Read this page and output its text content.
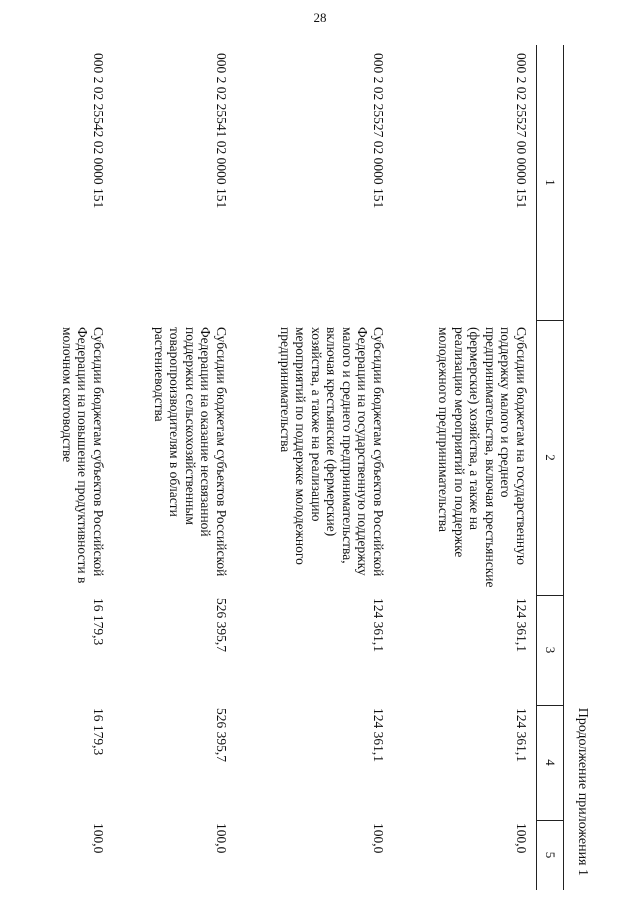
28
Продолжение приложения 1
1
2
3
4
5
000 2 02 25527 00 0000 151
Субсидии бюджетам на государственную поддержку малого и среднего предпринимательства, включая крестьянские (фермерские) хозяйства, а также на реализацию мероприятий по поддержке молодежного предпринимательства
124 361,1
124 361,1
100,0
000 2 02 25527 02 0000 151
Субсидии бюджетам субъектов Российской Федерации на государственную поддержку малого и среднего предпринимательства, включая крестьянские (фермерские) хозяйства, а также на реализацию мероприятий по поддержке молодежного предпринимательства
124 361,1
124 361,1
100,0
000 2 02 25541 02 0000 151
Субсидии бюджетам субъектов Российской Федерации на оказание несвязанной поддержки сельскохозяйственным товаропроизводителям в области растениеводства
526 395,7
526 395,7
100,0
000 2 02 25542 02 0000 151
Субсидии бюджетам субъектов Российской Федерации на повышение продуктивности в молочном скотоводстве
16 179,3
16 179,3
100,0
